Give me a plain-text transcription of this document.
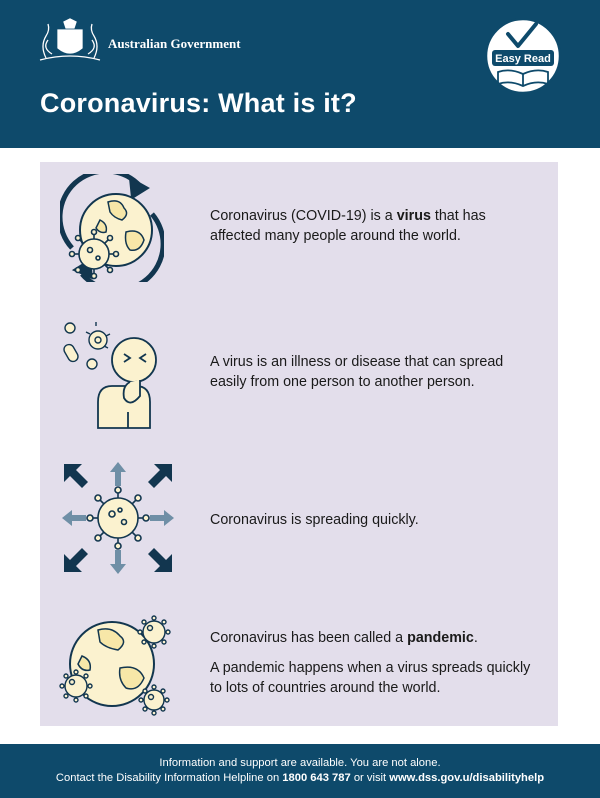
Australian Government
Easy Read
Coronavirus: What is it?

Coronavirus (COVID-19) is a virus that has affected many people around the world.

A virus is an illness or disease that can spread easily from one person to another person.

Coronavirus is spreading quickly.

Coronavirus has been called a pandemic.

A pandemic happens when a virus spreads quickly to lots of countries around the world.

Information and support are available. You are not alone.
Contact the Disability Information Helpline on 1800 643 787 or visit www.dss.gov.u/disabilityhelp
